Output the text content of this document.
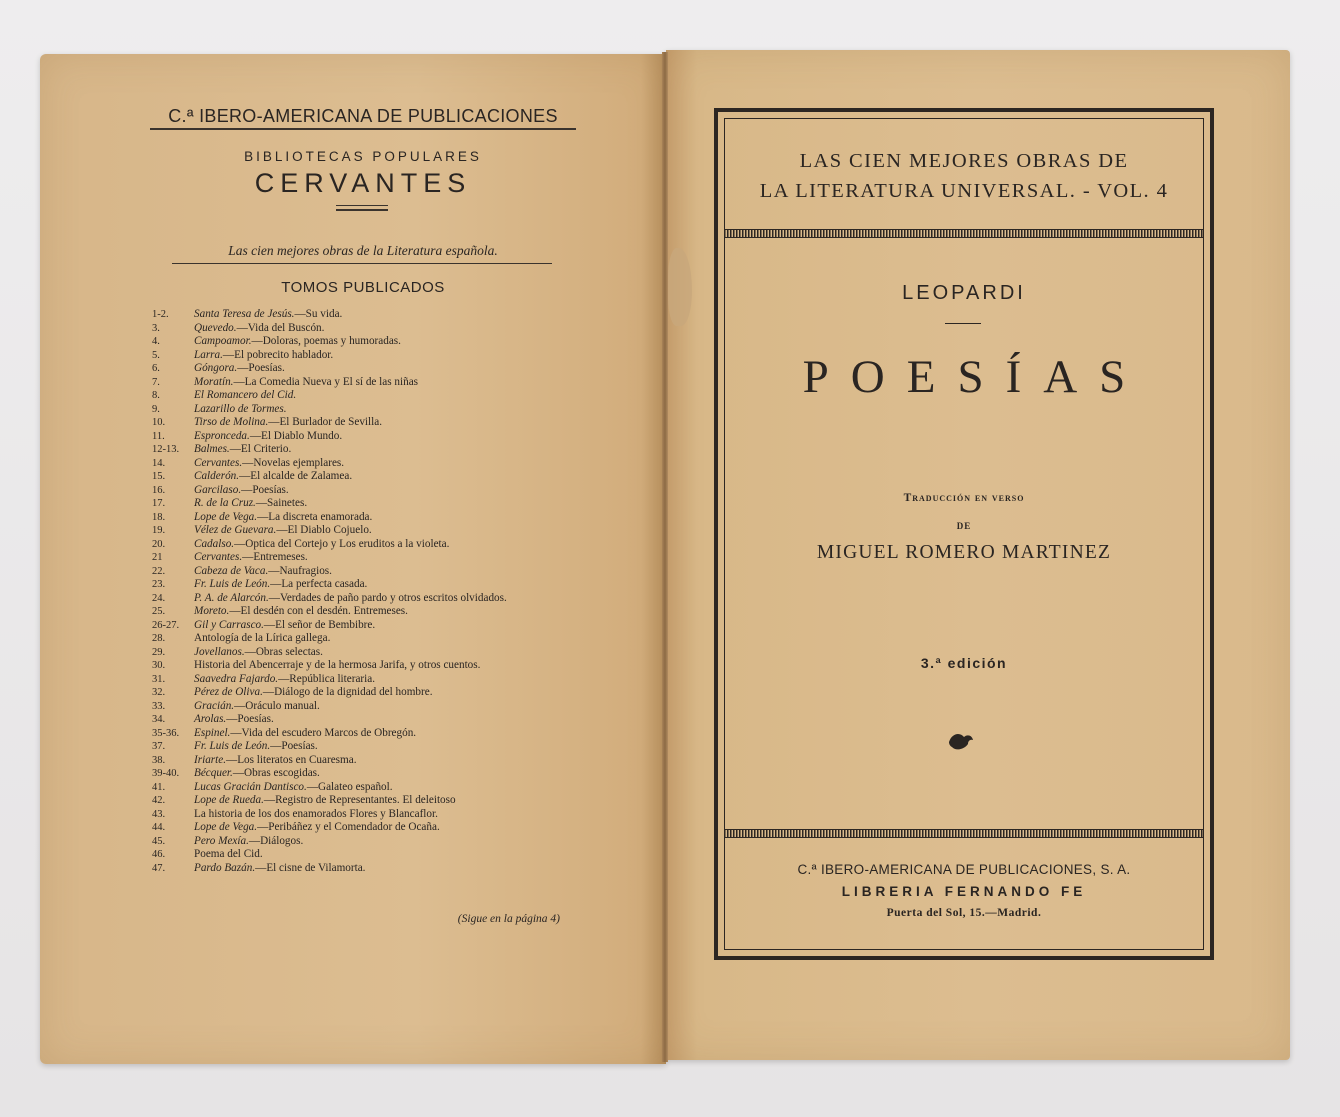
C.ª IBERO-AMERICANA DE PUBLICACIONES
BIBLIOTECAS POPULARES
CERVANTES
Las cien mejores obras de la Literatura española.
TOMOS PUBLICADOS
1-2.	Santa Teresa de Jesús.—Su vida.
3.	Quevedo.—Vida del Buscón.
4.	Campoamor.—Doloras, poemas y humoradas.
5.	Larra.—El pobrecito hablador.
6.	Góngora.—Poesías.
7.	Moratín.—La Comedia Nueva y El sí de las niñas
8.	El Romancero del Cid.
9.	Lazarillo de Tormes.
10.	Tirso de Molina.—El Burlador de Sevilla.
11.	Espronceda.—El Diablo Mundo.
12-13.	Balmes.—El Criterio.
14.	Cervantes.—Novelas ejemplares.
15.	Calderón.—El alcalde de Zalamea.
16.	Garcilaso.—Poesías.
17.	R. de la Cruz.—Sainetes.
18.	Lope de Vega.—La discreta enamorada.
19.	Vélez de Guevara.—El Diablo Cojuelo.
20.	Cadalso.—Optica del Cortejo y Los eruditos a la violeta.
21	Cervantes.—Entremeses.
22.	Cabeza de Vaca.—Naufragios.
23.	Fr. Luis de León.—La perfecta casada.
24.	P. A. de Alarcón.—Verdades de paño pardo y otros escritos olvidados.
25.	Moreto.—El desdén con el desdén. Entremeses.
26-27.	Gil y Carrasco.—El señor de Bembibre.
28.	Antología de la Lírica gallega.
29.	Jovellanos.—Obras selectas.
30.	Historia del Abencerraje y de la hermosa Jarifa, y otros cuentos.
31.	Saavedra Fajardo.—República literaria.
32.	Pérez de Oliva.—Diálogo de la dignidad del hombre.
33.	Gracián.—Oráculo manual.
34.	Arolas.—Poesías.
35-36.	Espinel.—Vida del escudero Marcos de Obregón.
37.	Fr. Luis de León.—Poesías.
38.	Iriarte.—Los literatos en Cuaresma.
39-40.	Bécquer.—Obras escogidas.
41.	Lucas Gracián Dantisco.—Galateo español.
42.	Lope de Rueda.—Registro de Representantes. El deleitoso
43.	La historia de los dos enamorados Flores y Blancaflor.
44.	Lope de Vega.—Peribáñez y el Comendador de Ocaña.
45.	Pero Mexía.—Diálogos.
46.	Poema del Cid.
47.	Pardo Bazán.—El cisne de Vilamorta.
(Sigue en la página 4)
LAS CIEN MEJORES OBRAS DE
LA LITERATURA UNIVERSAL. - VOL. 4
LEOPARDI
POESÍAS
Traducción en verso
DE
MIGUEL ROMERO MARTINEZ
3.ª edición
C.ª IBERO-AMERICANA DE PUBLICACIONES, S. A.
LIBRERIA FERNANDO FE
Puerta del Sol, 15.—Madrid.
